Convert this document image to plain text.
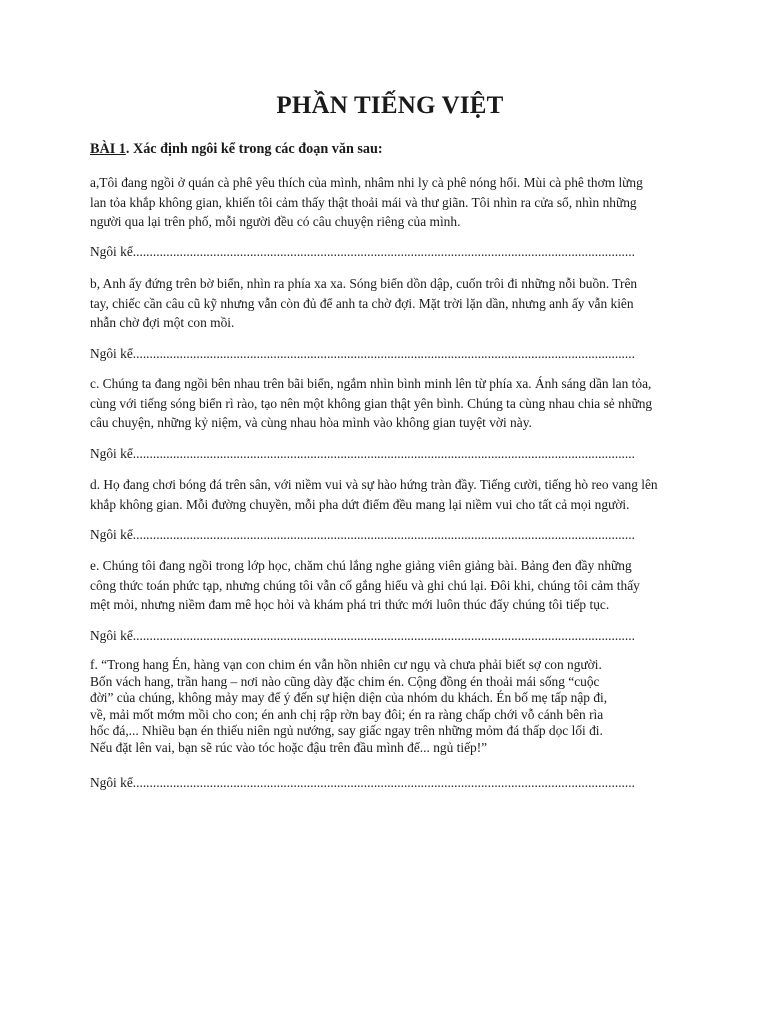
PHẦN TIẾNG VIỆT

BÀI 1. Xác định ngôi kể trong các đoạn văn sau:

a,Tôi đang ngồi ở quán cà phê yêu thích của mình, nhâm nhi ly cà phê nóng hổi. Mùi cà phê thơm lừng
lan tỏa khắp không gian, khiến tôi cảm thấy thật thoải mái và thư giãn. Tôi nhìn ra cửa sổ, nhìn những
người qua lại trên phố, mỗi người đều có câu chuyện riêng của mình.
Ngôi kể......................................................................................................................................................
b, Anh ấy đứng trên bờ biển, nhìn ra phía xa xa. Sóng biển dồn dập, cuốn trôi đi những nỗi buồn. Trên
tay, chiếc cần câu cũ kỹ nhưng vẫn còn đủ để anh ta chờ đợi. Mặt trời lặn dần, nhưng anh ấy vẫn kiên
nhẫn chờ đợi một con mồi.
Ngôi kể......................................................................................................................................................
c. Chúng ta đang ngồi bên nhau trên bãi biển, ngắm nhìn bình minh lên từ phía xa. Ánh sáng dần lan tỏa,
cùng với tiếng sóng biển rì rào, tạo nên một không gian thật yên bình. Chúng ta cùng nhau chia sẻ những
câu chuyện, những kỷ niệm, và cùng nhau hòa mình vào không gian tuyệt vời này.
Ngôi kể......................................................................................................................................................
d. Họ đang chơi bóng đá trên sân, với niềm vui và sự hào hứng tràn đầy. Tiếng cười, tiếng hò reo vang lên
khắp không gian. Mỗi đường chuyền, mỗi pha dứt điểm đều mang lại niềm vui cho tất cả mọi người.
Ngôi kể......................................................................................................................................................
e. Chúng tôi đang ngồi trong lớp học, chăm chú lắng nghe giảng viên giảng bài. Bảng đen đầy những
công thức toán phức tạp, nhưng chúng tôi vẫn cố gắng hiểu và ghi chú lại. Đôi khi, chúng tôi cảm thấy
mệt mỏi, nhưng niềm đam mê học hỏi và khám phá tri thức mới luôn thúc đẩy chúng tôi tiếp tục.
Ngôi kể......................................................................................................................................................
f. “Trong hang Én, hàng vạn con chim én vẫn hồn nhiên cư ngụ và chưa phải biết sợ con người.
Bốn vách hang, trần hang – nơi nào cũng dày đặc chim én. Cộng đồng én thoải mái sống “cuộc
đời” của chúng, không mảy may để ý đến sự hiện diện của nhóm du khách. Én bố mẹ tấp nập đi,
về, mải mốt mớm mồi cho con; én anh chị rập rờn bay đôi; én ra ràng chấp chới vỗ cánh bên rìa
hốc đá,... Nhiều bạn én thiếu niên ngủ nướng, say giấc ngay trên những mỏm đá thấp dọc lối đi.
Nếu đặt lên vai, bạn sẽ rúc vào tóc hoặc đậu trên đầu mình để... ngủ tiếp!”
Ngôi kể......................................................................................................................................................
